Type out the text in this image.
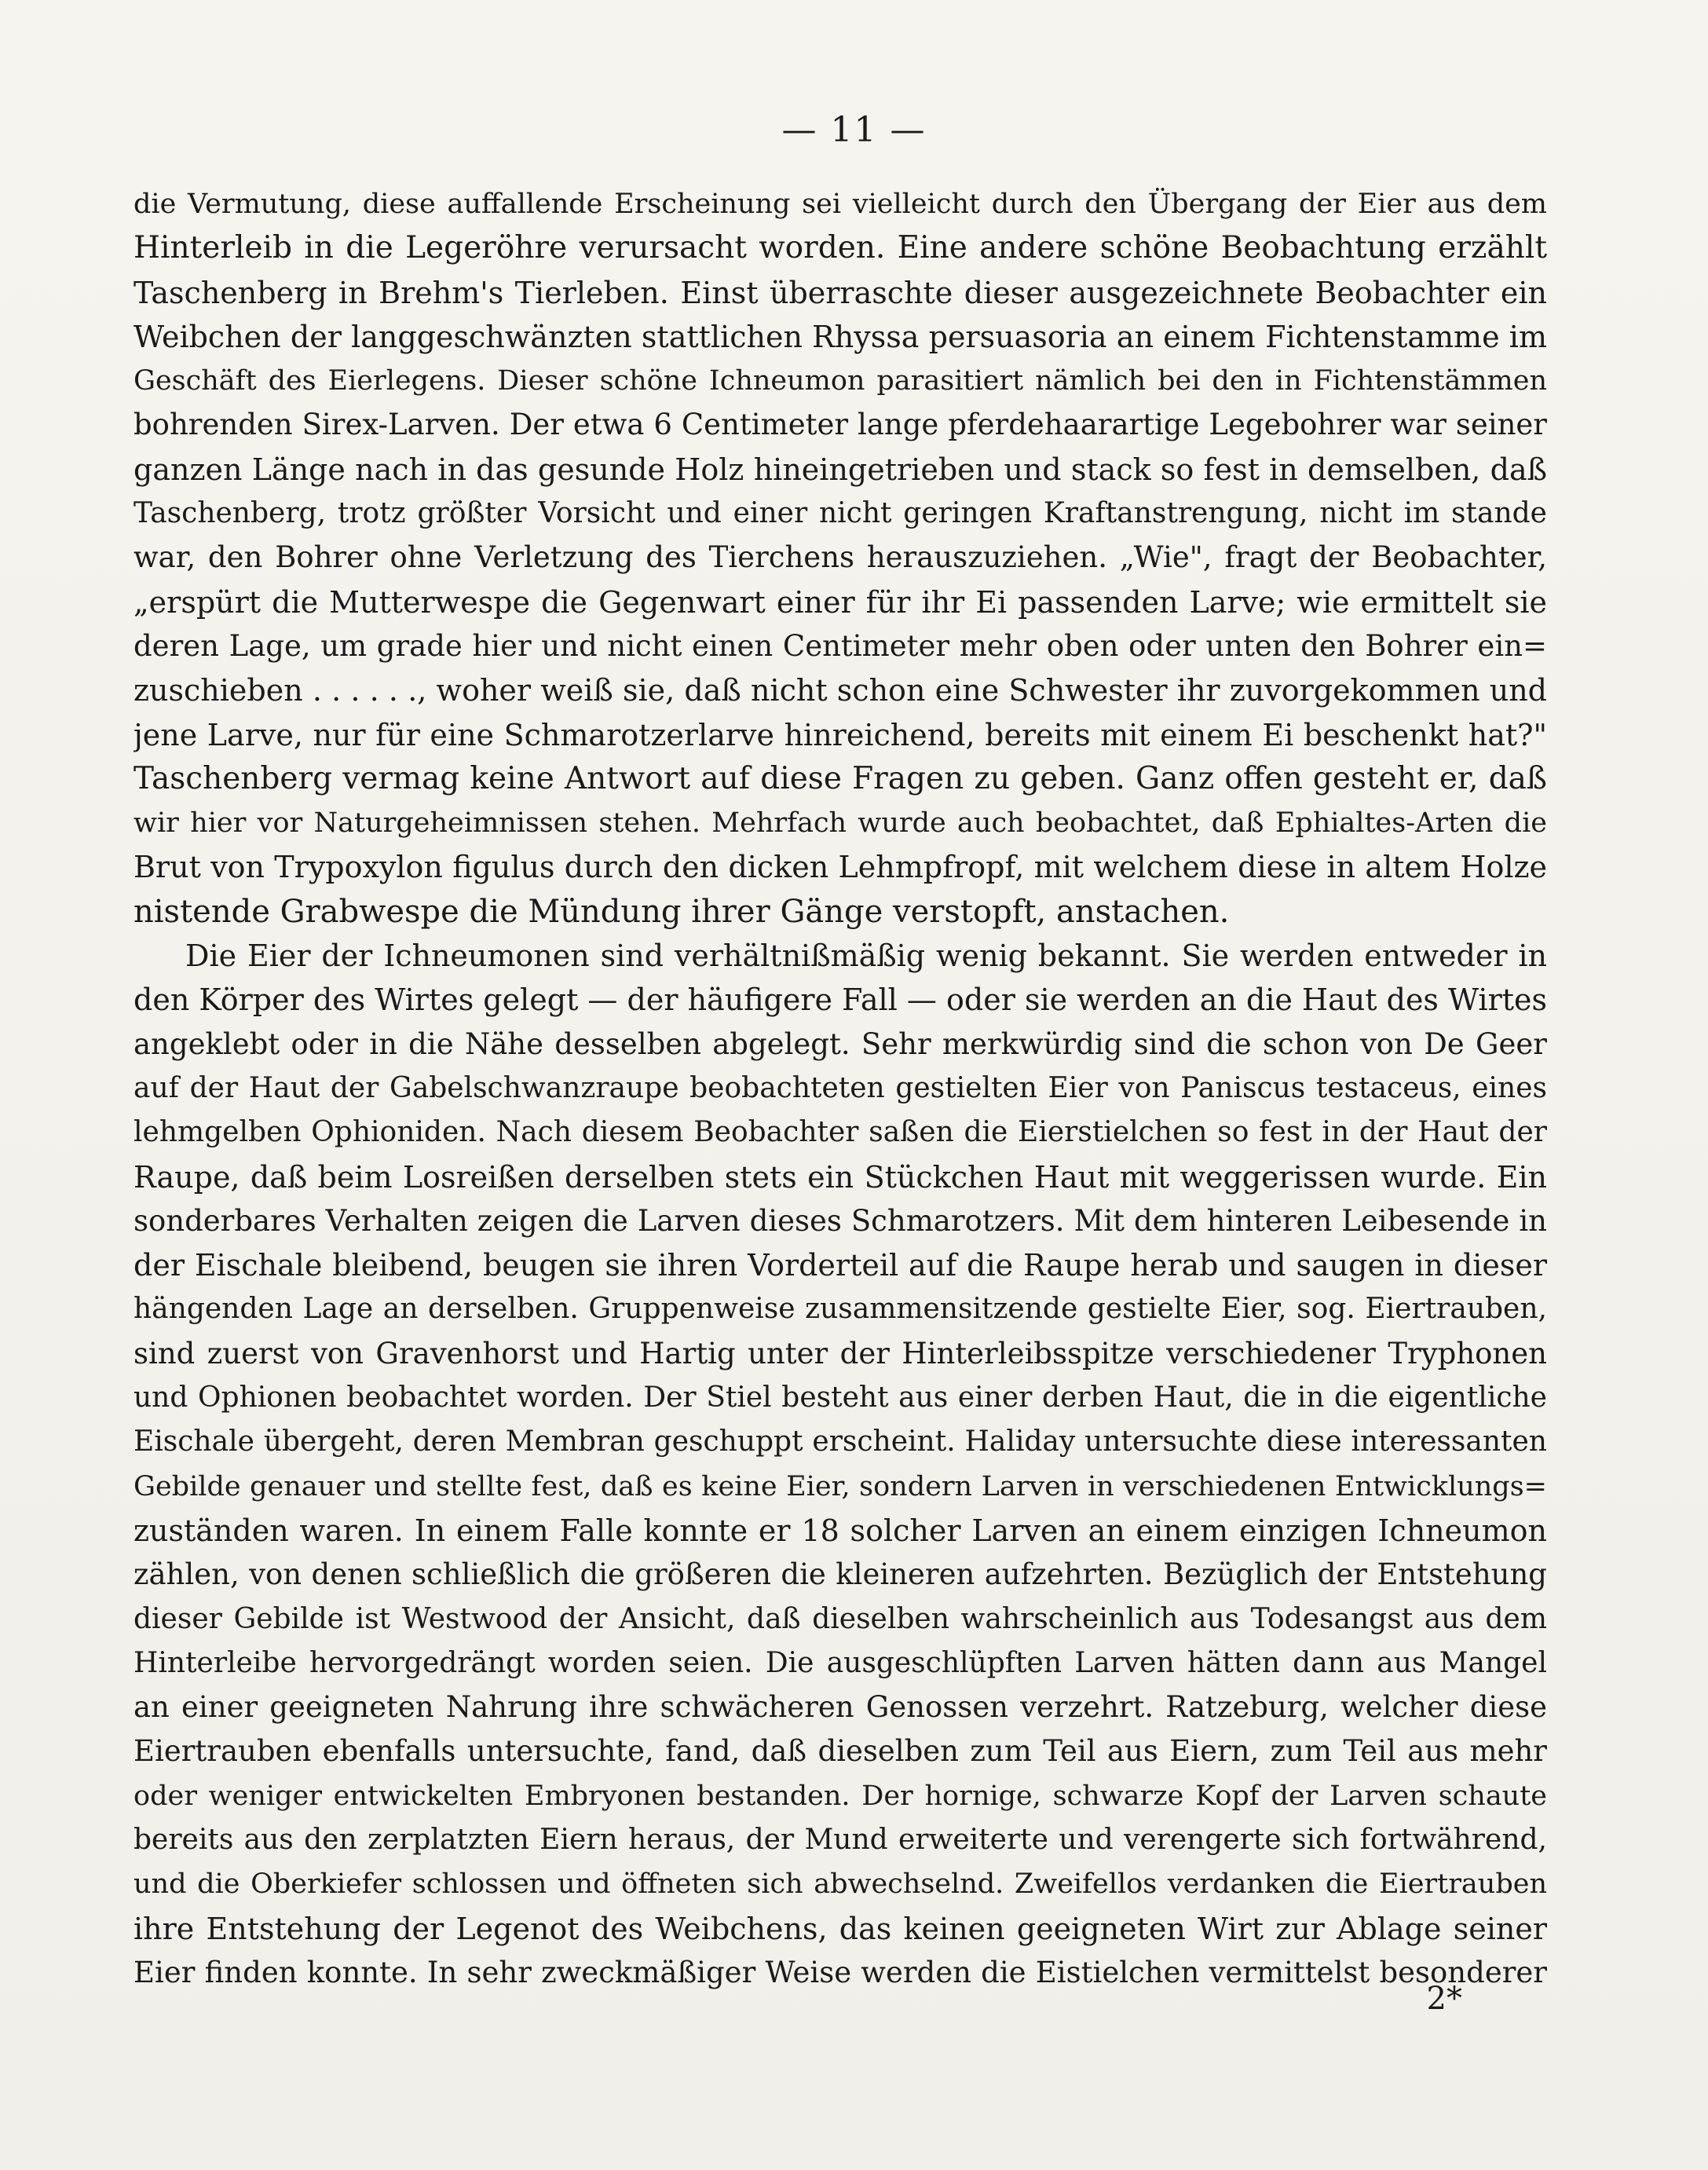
— 11 —
die Vermutung, diese auffallende Erscheinung sei vielleicht durch den Übergang der Eier aus dem
Hinterleib in die Legeröhre verursacht worden. Eine andere schöne Beobachtung erzählt
Taschenberg in Brehm's Tierleben. Einst überraschte dieser ausgezeichnete Beobachter ein
Weibchen der langgeschwänzten stattlichen Rhyssa persuasoria an einem Fichtenstamme im
Geschäft des Eierlegens. Dieser schöne Ichneumon parasitiert nämlich bei den in Fichtenstämmen
bohrenden Sirex-Larven. Der etwa 6 Centimeter lange pferdehaarartige Legebohrer war seiner
ganzen Länge nach in das gesunde Holz hineingetrieben und stack so fest in demselben, daß
Taschenberg, trotz größter Vorsicht und einer nicht geringen Kraftanstrengung, nicht im stande
war, den Bohrer ohne Verletzung des Tierchens herauszuziehen. „Wie", fragt der Beobachter,
„erspürt die Mutterwespe die Gegenwart einer für ihr Ei passenden Larve; wie ermittelt sie
deren Lage, um grade hier und nicht einen Centimeter mehr oben oder unten den Bohrer ein=
zuschieben . . . . . ., woher weiß sie, daß nicht schon eine Schwester ihr zuvorgekommen und
jene Larve, nur für eine Schmarotzerlarve hinreichend, bereits mit einem Ei beschenkt hat?"
Taschenberg vermag keine Antwort auf diese Fragen zu geben. Ganz offen gesteht er, daß
wir hier vor Naturgeheimnissen stehen. Mehrfach wurde auch beobachtet, daß Ephialtes-Arten die
Brut von Trypoxylon figulus durch den dicken Lehmpfropf, mit welchem diese in altem Holze
nistende Grabwespe die Mündung ihrer Gänge verstopft, anstachen.
Die Eier der Ichneumonen sind verhältnißmäßig wenig bekannt. Sie werden entweder in
den Körper des Wirtes gelegt — der häufigere Fall — oder sie werden an die Haut des Wirtes
angeklebt oder in die Nähe desselben abgelegt. Sehr merkwürdig sind die schon von De Geer
auf der Haut der Gabelschwanzraupe beobachteten gestielten Eier von Paniscus testaceus, eines
lehmgelben Ophioniden. Nach diesem Beobachter saßen die Eierstielchen so fest in der Haut der
Raupe, daß beim Losreißen derselben stets ein Stückchen Haut mit weggerissen wurde. Ein
sonderbares Verhalten zeigen die Larven dieses Schmarotzers. Mit dem hinteren Leibesende in
der Eischale bleibend, beugen sie ihren Vorderteil auf die Raupe herab und saugen in dieser
hängenden Lage an derselben. Gruppenweise zusammensitzende gestielte Eier, sog. Eiertrauben,
sind zuerst von Gravenhorst und Hartig unter der Hinterleibsspitze verschiedener Tryphonen
und Ophionen beobachtet worden. Der Stiel besteht aus einer derben Haut, die in die eigentliche
Eischale übergeht, deren Membran geschuppt erscheint. Haliday untersuchte diese interessanten
Gebilde genauer und stellte fest, daß es keine Eier, sondern Larven in verschiedenen Entwicklungs=
zuständen waren. In einem Falle konnte er 18 solcher Larven an einem einzigen Ichneumon
zählen, von denen schließlich die größeren die kleineren aufzehrten. Bezüglich der Entstehung
dieser Gebilde ist Westwood der Ansicht, daß dieselben wahrscheinlich aus Todesangst aus dem
Hinterleibe hervorgedrängt worden seien. Die ausgeschlüpften Larven hätten dann aus Mangel
an einer geeigneten Nahrung ihre schwächeren Genossen verzehrt. Ratzeburg, welcher diese
Eiertrauben ebenfalls untersuchte, fand, daß dieselben zum Teil aus Eiern, zum Teil aus mehr
oder weniger entwickelten Embryonen bestanden. Der hornige, schwarze Kopf der Larven schaute
bereits aus den zerplatzten Eiern heraus, der Mund erweiterte und verengerte sich fortwährend,
und die Oberkiefer schlossen und öffneten sich abwechselnd. Zweifellos verdanken die Eiertrauben
ihre Entstehung der Legenot des Weibchens, das keinen geeigneten Wirt zur Ablage seiner
Eier finden konnte. In sehr zweckmäßiger Weise werden die Eistielchen vermittelst besonderer
2*
